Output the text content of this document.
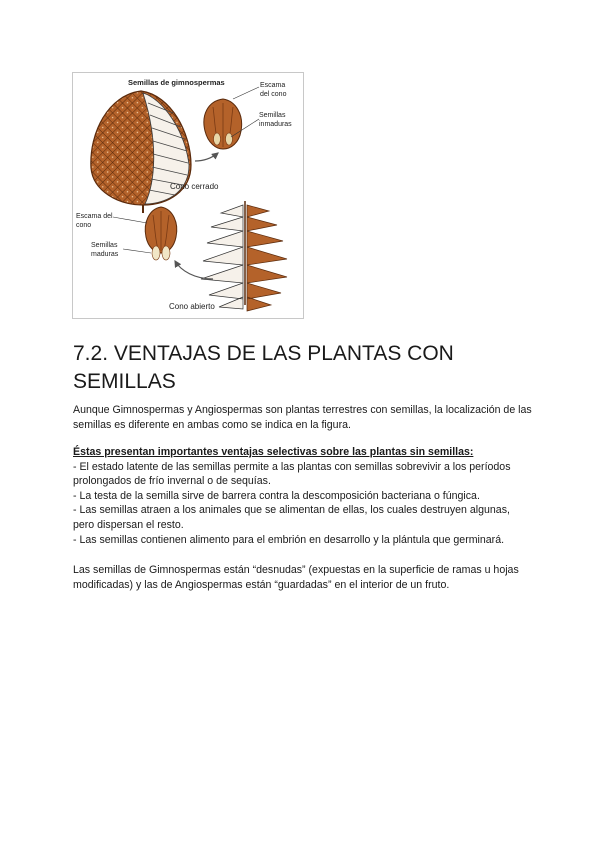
Semillas de gimnospermas	Escama
del cono
Semillas
inmaduras
Cono cerrado
Escama del
cono
Semillas
maduras
Cono abierto
7.2. VENTAJAS DE LAS PLANTAS CON SEMILLAS
Aunque Gimnospermas y Angiospermas son plantas terrestres con semillas, la localización de las semillas es diferente en ambas como se indica en la figura.
Éstas presentan importantes ventajas selectivas sobre las plantas sin semillas:
- El estado latente de las semillas permite a las plantas con semillas sobrevivir a los períodos prolongados de frío invernal o de sequías.
- La testa de la semilla sirve de barrera contra la descomposición bacteriana o fúngica.
- Las semillas atraen a los animales que se alimentan de ellas, los cuales destruyen algunas, pero dispersan el resto.
- Las semillas contienen alimento para el embrión en desarrollo y la plántula que germinará.
Las semillas de Gimnospermas están “desnudas” (expuestas en la superficie de ramas u hojas modificadas) y las de Angiospermas están “guardadas” en el interior de un fruto.
